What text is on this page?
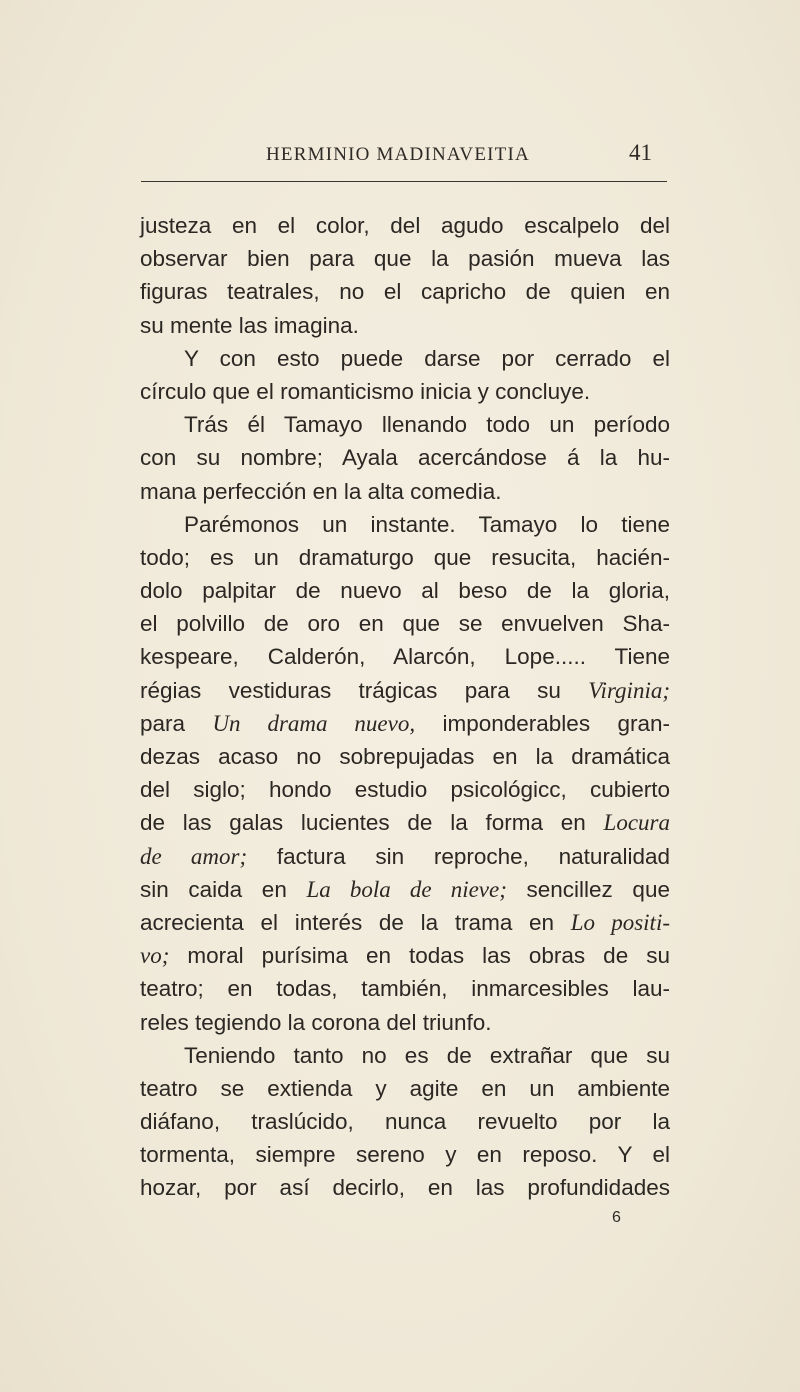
HERMINIO MADINAVEITIA	41
justeza en el color, del agudo escalpelo del
observar bien para que la pasión mueva las
figuras teatrales, no el capricho de quien en
su mente las imagina.
Y con esto puede darse por cerrado el
círculo que el romanticismo inicia y concluye.
Trás él Tamayo llenando todo un período
con su nombre; Ayala acercándose á la hu-
mana perfección en la alta comedia.
Parémonos un instante. Tamayo lo tiene
todo; es un dramaturgo que resucita, hacién-
dolo palpitar de nuevo al beso de la gloria,
el polvillo de oro en que se envuelven Sha-
kespeare, Calderón, Alarcón, Lope..... Tiene
régias vestiduras trágicas para su Virginia;
para Un drama nuevo, imponderables gran-
dezas acaso no sobrepujadas en la dramática
del siglo; hondo estudio psicológicc, cubierto
de las galas lucientes de la forma en Locura
de amor; factura sin reproche, naturalidad
sin caida en La bola de nieve; sencillez que
acrecienta el interés de la trama en Lo positi-
vo; moral purísima en todas las obras de su
teatro; en todas, también, inmarcesibles lau-
reles tegiendo la corona del triunfo.
Teniendo tanto no es de extrañar que su
teatro se extienda y agite en un ambiente
diáfano, traslúcido, nunca revuelto por la
tormenta, siempre sereno y en reposo. Y el
hozar, por así decirlo, en las profundidades
6
